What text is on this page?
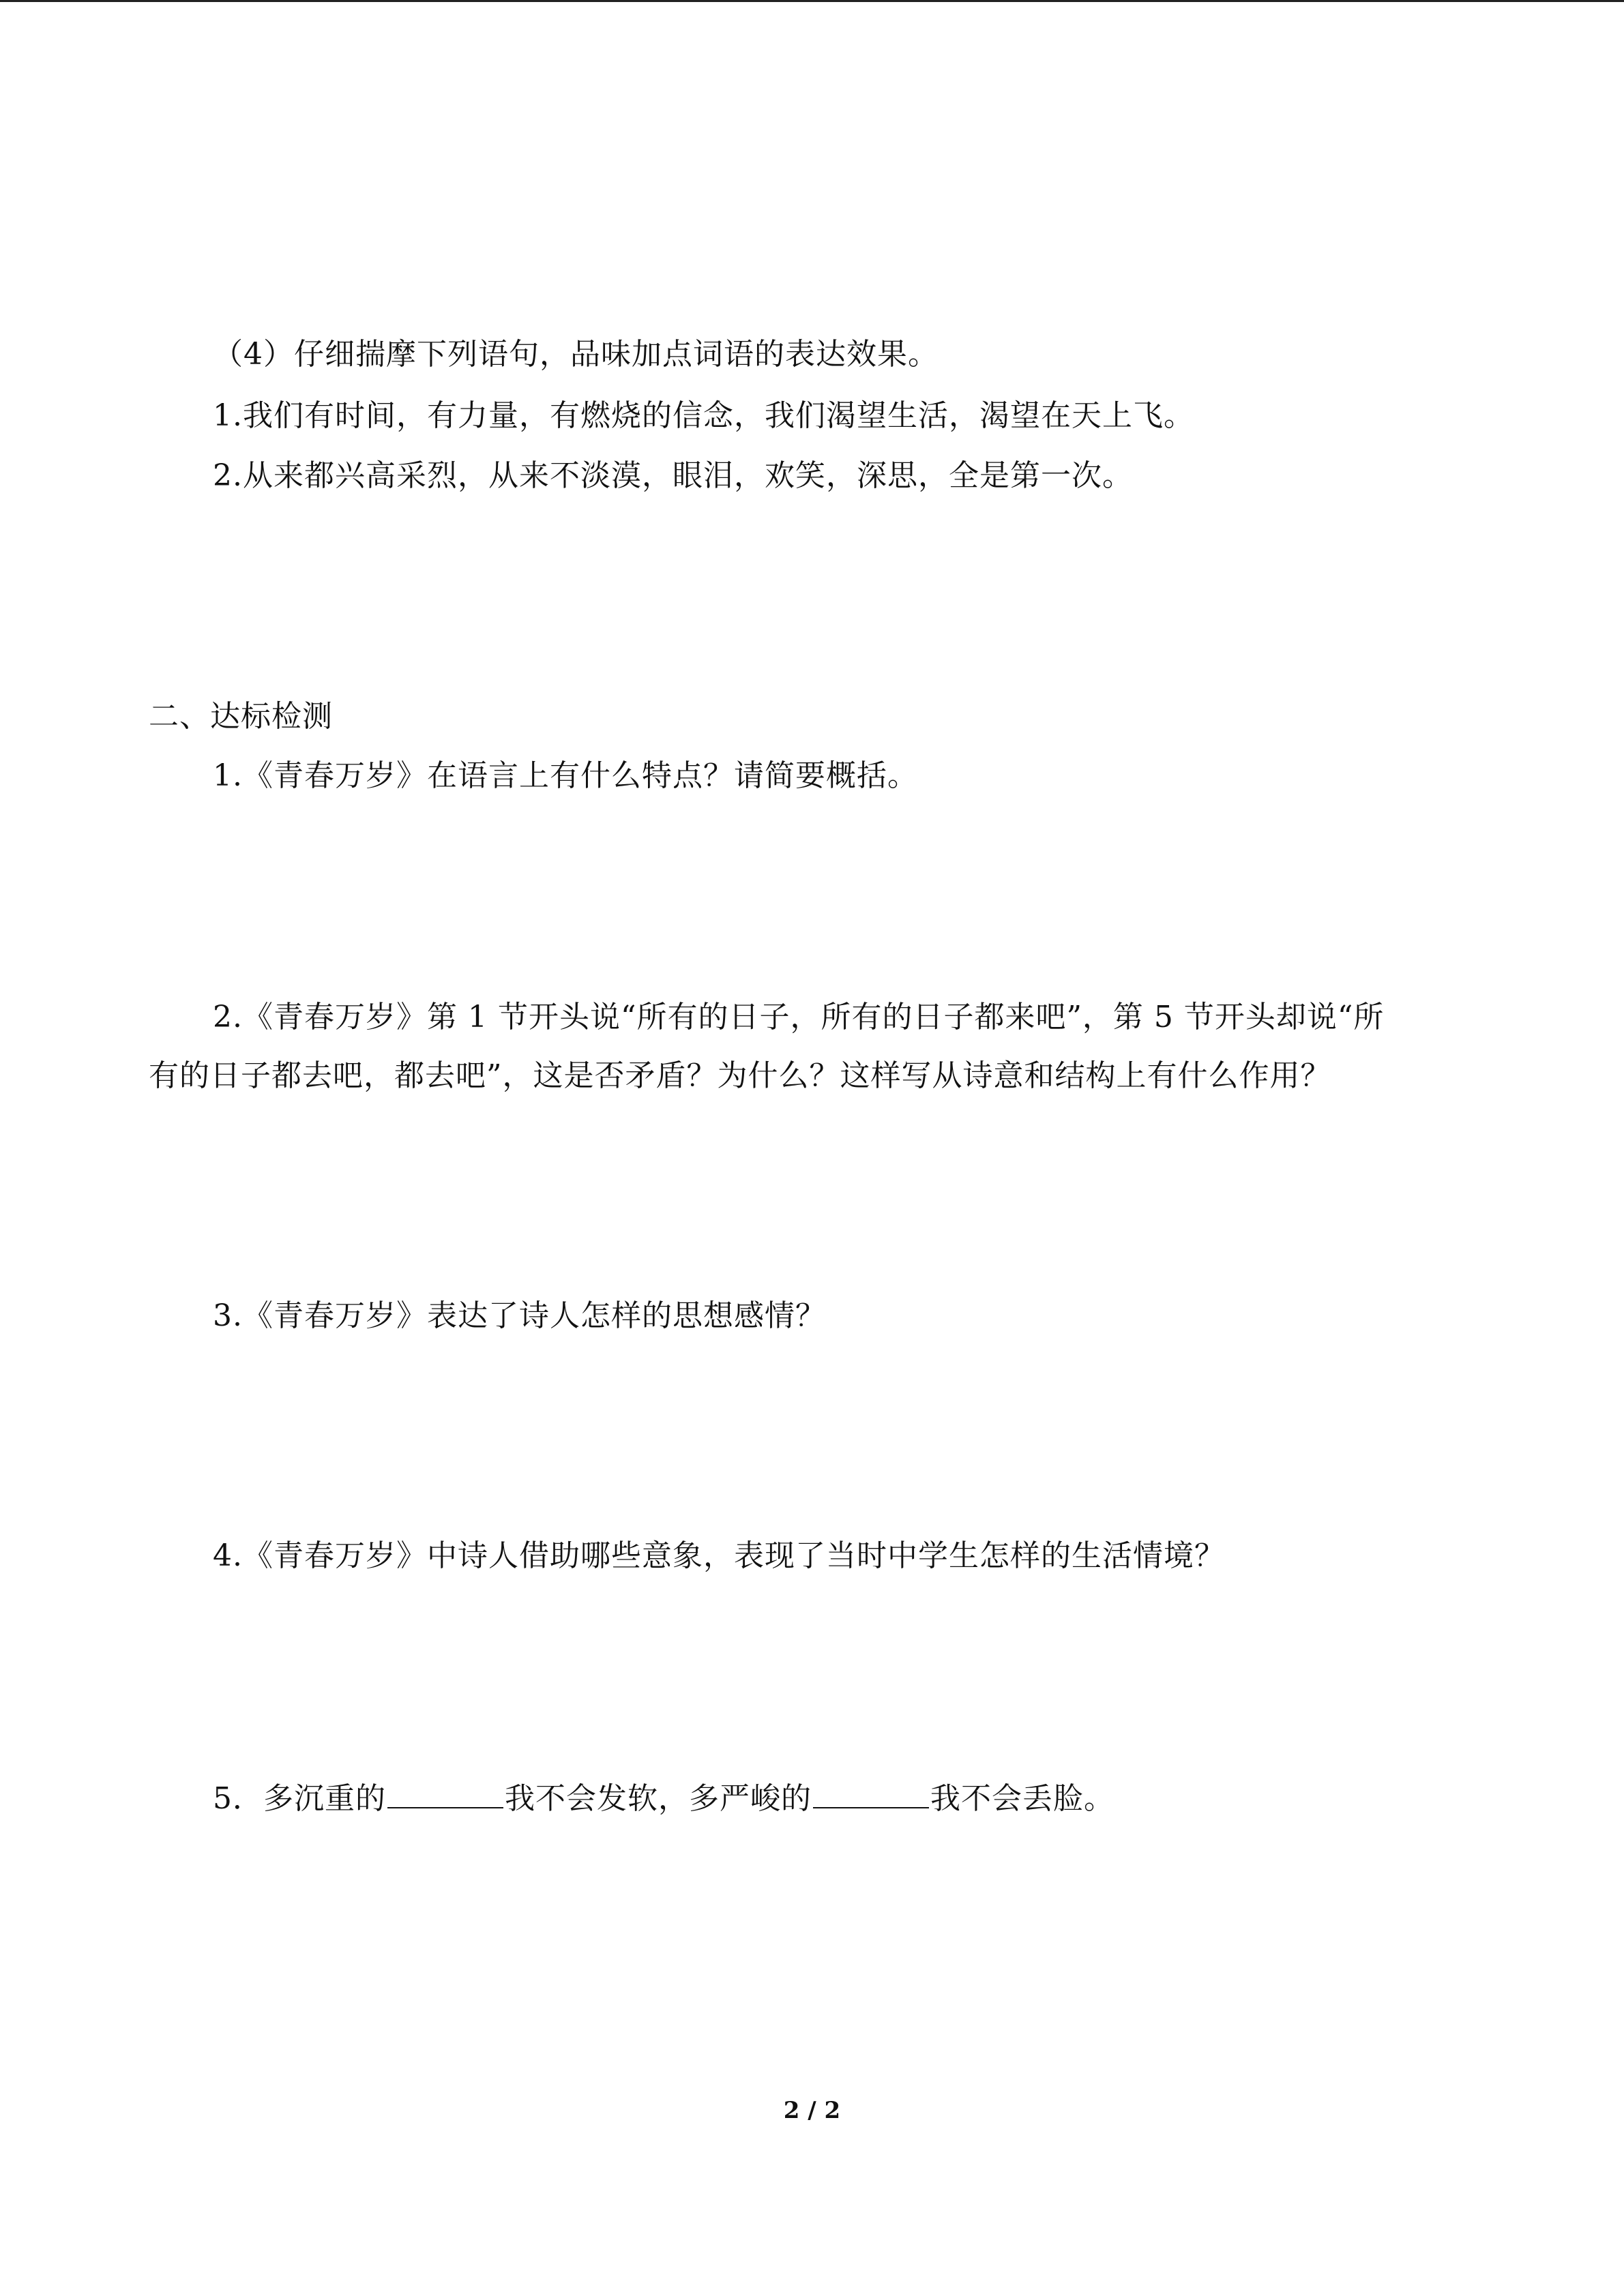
（4）仔细揣摩下列语句，品味加点词语的表达效果。
1.我们有时间，有力量，有燃烧的信念，我们渴望生活，渴望在天上飞。
2.从来都兴高采烈，从来不淡漠，眼泪，欢笑，深思，全是第一次。
二、达标检测
1.《青春万岁》在语言上有什么特点？请简要概括。
2.《青春万岁》第 1 节开头说“所有的日子，所有的日子都来吧”，第 5 节开头却说“所
有的日子都去吧，都去吧”，这是否矛盾？为什么？这样写从诗意和结构上有什么作用？
3.《青春万岁》表达了诗人怎样的思想感情？
4.《青春万岁》中诗人借助哪些意象，表现了当时中学生怎样的生活情境？
5．多沉重的	我不会发软，多严峻的	我不会丢脸。
2 / 2
